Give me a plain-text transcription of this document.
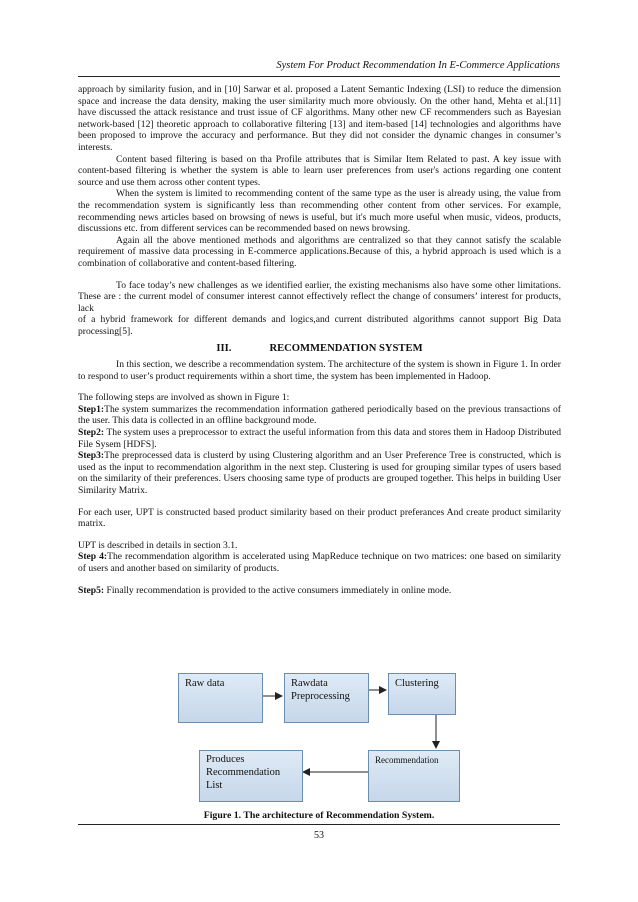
System For Product Recommendation In E-Commerce Applications

approach by similarity fusion, and in [10] Sarwar et al. proposed a Latent Semantic Indexing (LSI) to reduce the dimension space and increase the data density, making the user similarity much more obviously. On the other hand, Mehta et al.[11] have discussed the attack resistance and trust issue of CF algorithms. Many other new CF recommenders such as Bayesian network-based [12] theoretic approach to collaborative filtering [13] and item-based [14] technologies and algorithms have been proposed to improve the accuracy and performance. But they did not consider the dynamic changes in consumer’s interests.

Content based filtering is based on tha Profile attributes that is Similar Item Related to past. A key issue with content-based filtering is whether the system is able to learn user preferences from user's actions regarding one content source and use them across other content types.

When the system is limited to recommending content of the same type as the user is already using, the value from the recommendation system is significantly less than recommending other content from other services. For example, recommending news articles based on browsing of news is useful, but it's much more useful when music, videos, products, discussions etc. from different services can be recommended based on news browsing.

Again all the above mentioned methods and algorithms are centralized so that they cannot satisfy the scalable requirement of massive data processing in E-commerce applications.Because of this, a hybrid approach is used which is a combination of collaborative and content-based filtering.

To face today’s new challenges as we identified earlier, the existing mechanisms also have some other limitations. These are : the current model of consumer interest cannot effectively reflect the change of consumers’ interest for products, lack

of a hybrid framework for different demands and logics,and current distributed algorithms cannot support Big Data processing[5].

III.	RECOMMENDATION SYSTEM

In this section, we describe a recommendation system. The architecture of the system is shown in Figure 1. In order to respond to user’s product requirements within a short time, the system has been implemented in Hadoop.

The following steps are involved as shown in Figure 1:

Step1:The system summarizes the recommendation information gathered periodically based on the previous transactions of the user. This data is collected in an offline background mode.

Step2: The system uses a preprocessor to extract the useful information from this data and stores them in Hadoop Distributed File Sysem [HDFS].

Step3:The preprocessed data is clusterd by using Clustering algorithm and an User Preference Tree is constructed, which is used as the input to recommendation algorithm in the next step. Clustering is used for grouping similar types of users based on the similarity of their preferences. Users choosing same type of products are grouped together. This helps in building User Similarity Matrix.

For each user, UPT is constructed based product similarity based on their product preferances And create product similarity matrix.

UPT is described in details in section 3.1.

Step 4:The recommendation algorithm is accelerated using MapReduce technique on two matrices: one based on similarity of users and another based on similarity of products.

Step5: Finally recommendation is provided to the active consumers immediately in online mode.

Raw data	Rawdata Preprocessing
Clustering
Recommendation
Produces Recommendation List
Figure 1. The architecture of Recommendation System.
53
